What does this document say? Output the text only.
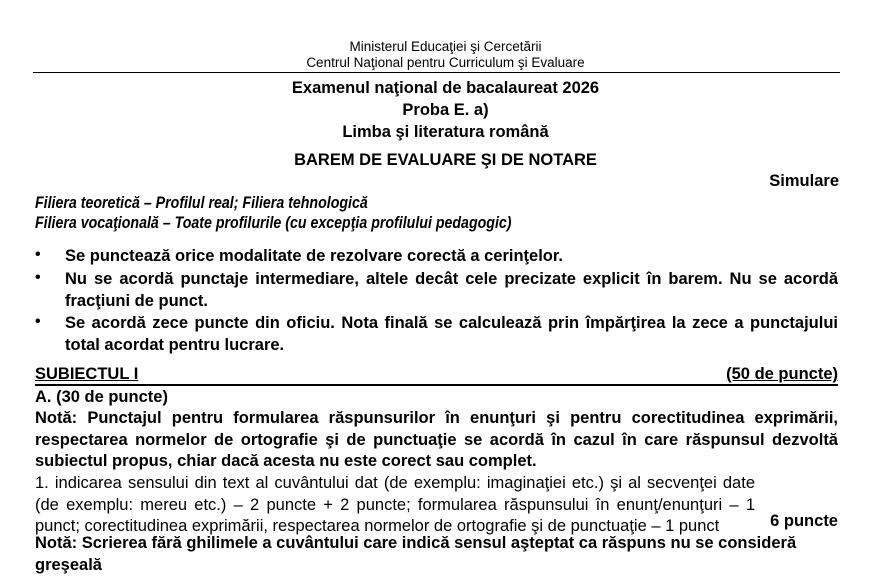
Ministerul Educaţiei şi Cercetării
Centrul Naţional pentru Curriculum şi Evaluare
Examenul naţional de bacalaureat 2026
Proba E. a)
Limba şi literatura română
BAREM DE EVALUARE ŞI DE NOTARE
Simulare
Filiera teoretică – Profilul real; Filiera tehnologică
Filiera vocaţională – Toate profilurile (cu excepţia profilului pedagogic)
• Se punctează orice modalitate de rezolvare corectă a cerinţelor.
• Nu se acordă punctaje intermediare, altele decât cele precizate explicit în barem. Nu se acordă fracţiuni de punct.
• Se acordă zece puncte din oficiu. Nota finală se calculează prin împărţirea la zece a punctajului total acordat pentru lucrare.
SUBIECTUL I	(50 de puncte)
A. (30 de puncte)
Notă: Punctajul pentru formularea răspunsurilor în enunţuri şi pentru corectitudinea exprimării, respectarea normelor de ortografie şi de punctuaţie se acordă în cazul în care răspunsul dezvoltă subiectul propus, chiar dacă acesta nu este corect sau complet.
1. indicarea sensului din text al cuvântului dat (de exemplu: imaginaţiei etc.) şi al secvenţei date (de exemplu: mereu etc.) – 2 puncte + 2 puncte; formularea răspunsului în enunţ/enunţuri – 1 punct; corectitudinea exprimării, respectarea normelor de ortografie şi de punctuaţie – 1 punct	6 puncte
Notă: Scrierea fără ghilimele a cuvântului care indică sensul aşteptat ca răspuns nu se consideră greşeală
